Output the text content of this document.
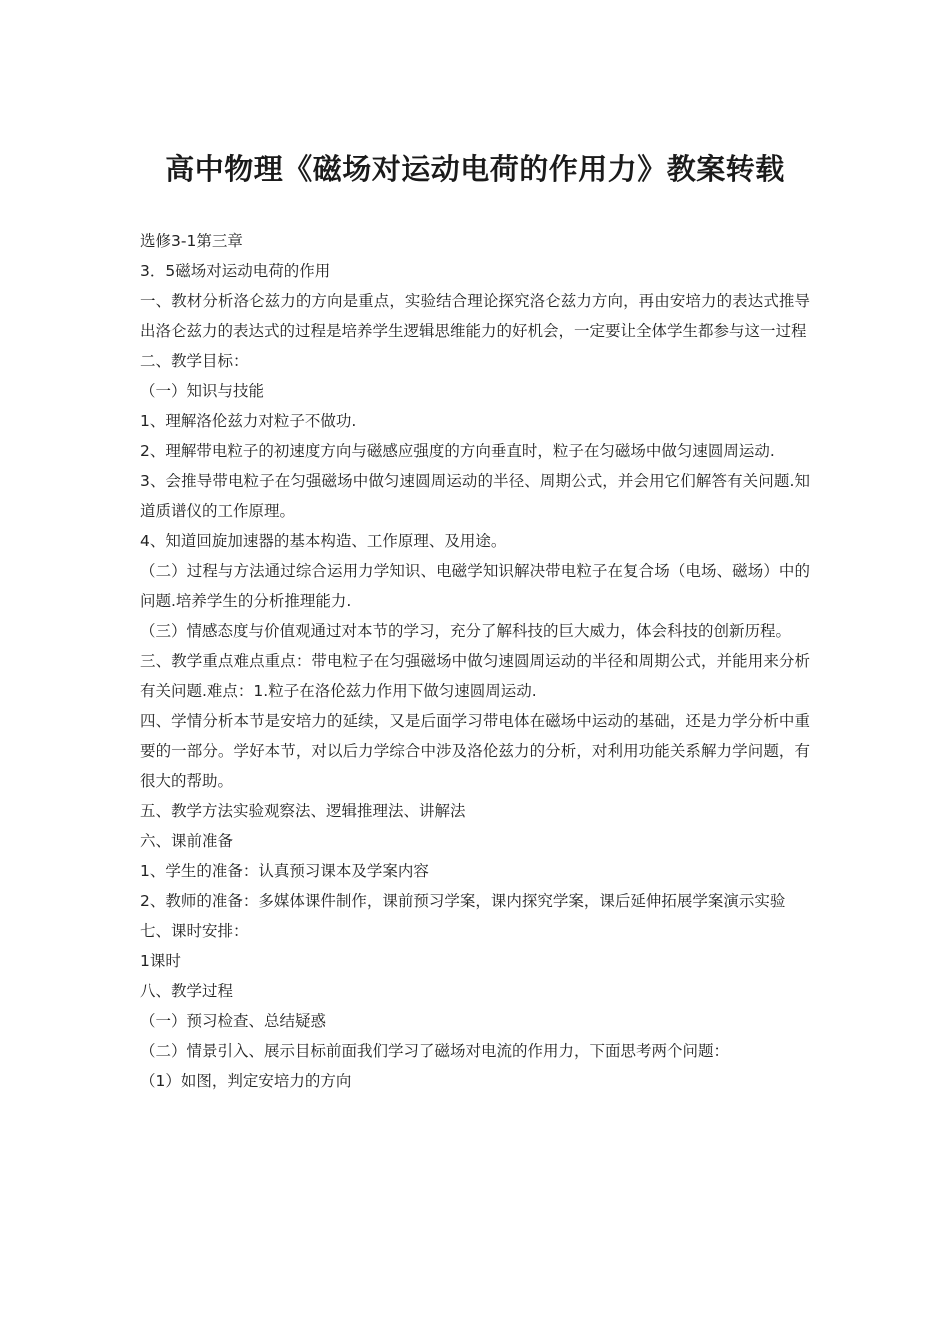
高中物理《磁场对运动电荷的作用力》教案转载

选修3-1第三章

3．5磁场对运动电荷的作用

一、教材分析洛仑兹力的方向是重点，实验结合理论探究洛仑兹力方向，再由安培力的表达式推导出洛仑兹力的表达式的过程是培养学生逻辑思维能力的好机会，一定要让全体学生都参与这一过程

二、教学目标：

（一）知识与技能

1、理解洛伦兹力对粒子不做功.

2、理解带电粒子的初速度方向与磁感应强度的方向垂直时，粒子在匀磁场中做匀速圆周运动.

3、会推导带电粒子在匀强磁场中做匀速圆周运动的半径、周期公式，并会用它们解答有关问题.知道质谱仪的工作原理。

4、知道回旋加速器的基本构造、工作原理、及用途。

（二）过程与方法通过综合运用力学知识、电磁学知识解决带电粒子在复合场（电场、磁场）中的问题.培养学生的分析推理能力.

（三）情感态度与价值观通过对本节的学习，充分了解科技的巨大威力，体会科技的创新历程。

三、教学重点难点重点：带电粒子在匀强磁场中做匀速圆周运动的半径和周期公式，并能用来分析有关问题.难点：1.粒子在洛伦兹力作用下做匀速圆周运动.

四、学情分析本节是安培力的延续，又是后面学习带电体在磁场中运动的基础，还是力学分析中重要的一部分。学好本节，对以后力学综合中涉及洛伦兹力的分析，对利用功能关系解力学问题，有很大的帮助。

五、教学方法实验观察法、逻辑推理法、讲解法

六、课前准备

1、学生的准备：认真预习课本及学案内容

2、教师的准备：多媒体课件制作，课前预习学案，课内探究学案，课后延伸拓展学案演示实验

七、课时安排：

1课时

八、教学过程

（一）预习检查、总结疑惑

（二）情景引入、展示目标前面我们学习了磁场对电流的作用力，下面思考两个问题：

（1）如图，判定安培力的方向
